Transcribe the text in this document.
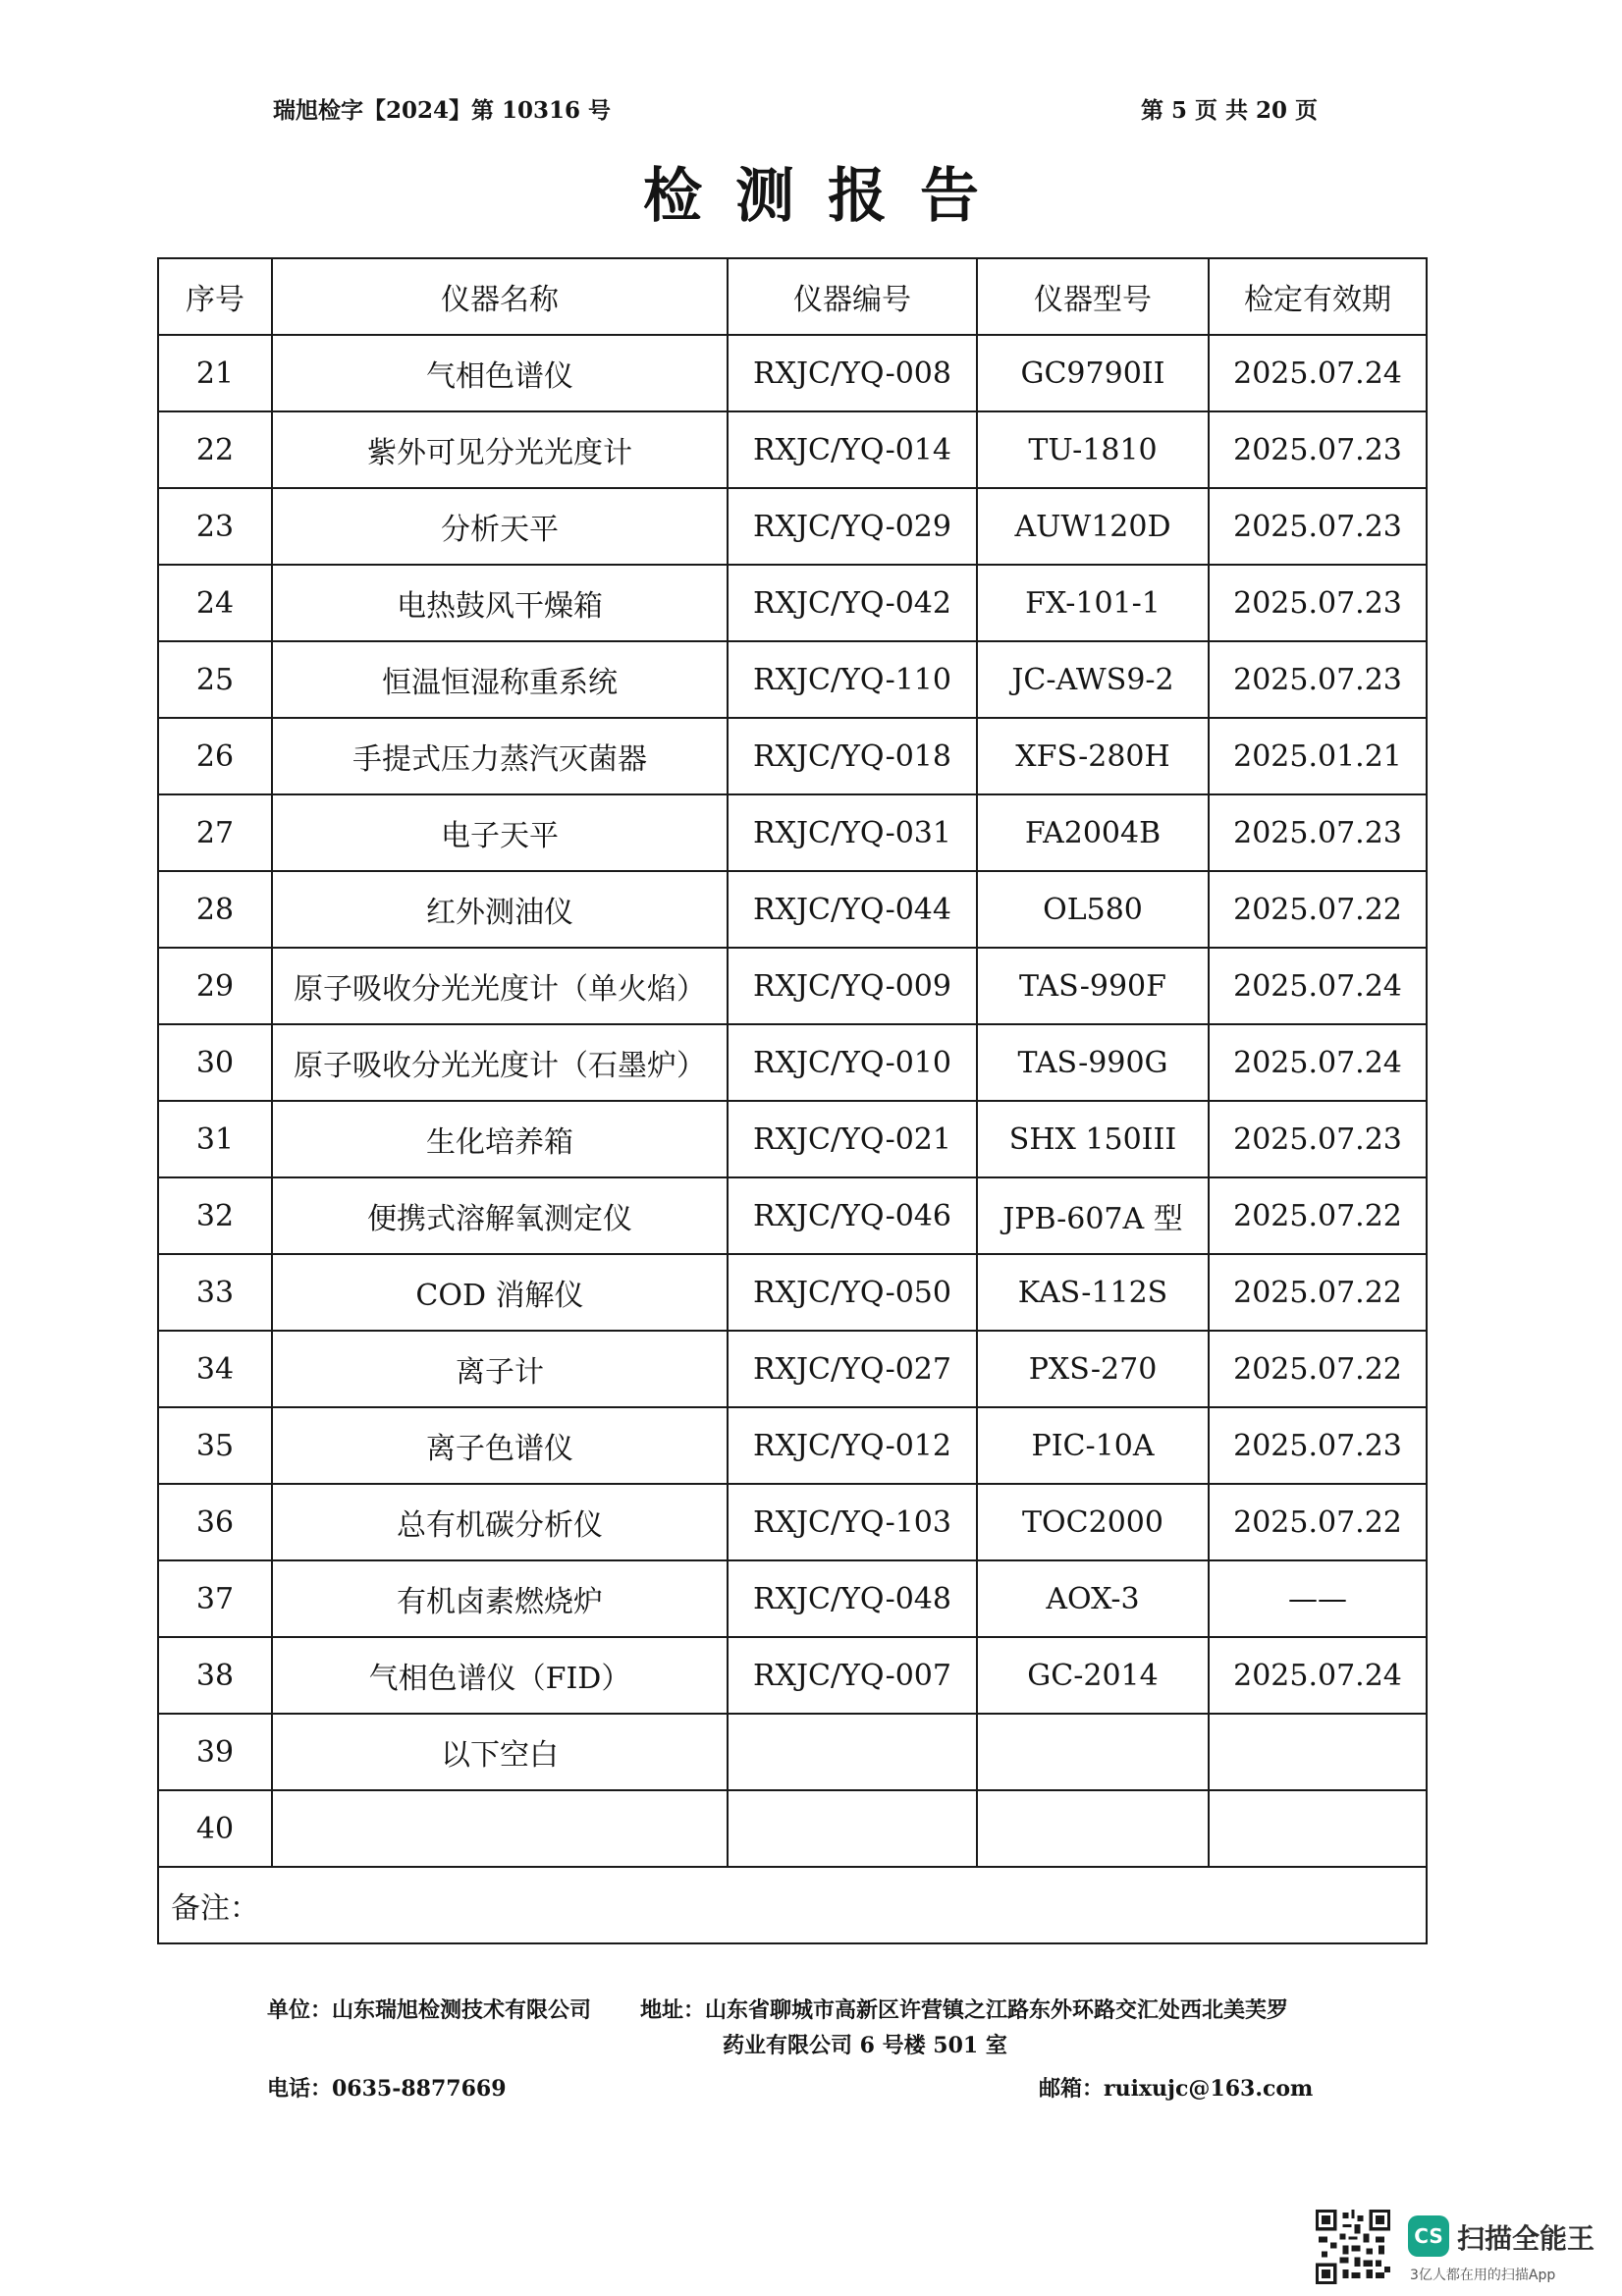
瑞旭检字【2024】第 10316 号	第 5 页 共 20 页
检测报告
序号	仪器名称	仪器编号	仪器型号	检定有效期
21	气相色谱仪	RXJC/YQ-008	GC9790II	2025.07.24
22	紫外可见分光光度计	RXJC/YQ-014	TU-1810	2025.07.23
23	分析天平	RXJC/YQ-029	AUW120D	2025.07.23
24	电热鼓风干燥箱	RXJC/YQ-042	FX-101-1	2025.07.23
25	恒温恒湿称重系统	RXJC/YQ-110	JC-AWS9-2	2025.07.23
26	手提式压力蒸汽灭菌器	RXJC/YQ-018	XFS-280H	2025.01.21
27	电子天平	RXJC/YQ-031	FA2004B	2025.07.23
28	红外测油仪	RXJC/YQ-044	OL580	2025.07.22
29	原子吸收分光光度计（单火焰）	RXJC/YQ-009	TAS-990F	2025.07.24
30	原子吸收分光光度计（石墨炉）	RXJC/YQ-010	TAS-990G	2025.07.24
31	生化培养箱	RXJC/YQ-021	SHX 150III	2025.07.23
32	便携式溶解氧测定仪	RXJC/YQ-046	JPB-607A 型	2025.07.22
33	COD 消解仪	RXJC/YQ-050	KAS-112S	2025.07.22
34	离子计	RXJC/YQ-027	PXS-270	2025.07.22
35	离子色谱仪	RXJC/YQ-012	PIC-10A	2025.07.23
36	总有机碳分析仪	RXJC/YQ-103	TOC2000	2025.07.22
37	有机卤素燃烧炉	RXJC/YQ-048	AOX-3	——
38	气相色谱仪（FID）	RXJC/YQ-007	GC-2014	2025.07.24
39	以下空白			
40				
备注：				
单位：山东瑞旭检测技术有限公司 地址：山东省聊城市高新区许营镇之江路东外环路交汇处西北美芙罗
药业有限公司 6 号楼 501 室
电话：0635-8877669	邮箱：ruixujc@163.com
CS 扫描全能王
3亿人都在用的扫描App
